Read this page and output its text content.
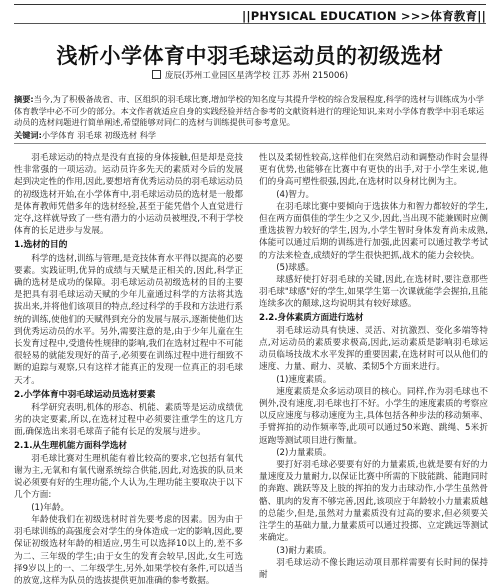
||PHYSICAL EDUCATION >>>体育教育||
浅析小学体育中羽毛球运动员的初级选材
庞辰(苏州工业园区星湾学校 江苏 苏州 215006)
摘要:当今,为了积极备战省、市、区组织的羽毛球比赛,增加学校的知名度与其提升学校的综合发展程度,科学的选材与训练成为小学体育教学中必不可少的部分。本文作者就适应自身的实践经验并结合参考的文献资料进行的理论知识,来对小学体育教学中羽毛球运动员的选材问题进行简单阐述,希望能够对同仁的选材与训练提供可参考意见。
关键词:小学体育 羽毛球 初级选材 科学

羽毛球运动的特点是没有直接的身体接触,但是却是竞技性非常强的一项运动。运动员许多先天的素质对今后的发展起到决定性的作用,因此,要想培育优秀运动员的羽毛球运动员的初级选材开始,在小学体育中,羽毛球运动员的选材是一般都是体育教师凭借多年的选材经验,甚至于能凭借个人直觉进行定夺,这样就导致了一些有潜力的小运动员被埋没,不利于学校体育的长足进步与发展。

1.选材的目的

科学的选材,训练与管理,是竞技体育水平得以提高的必要要素。实践证明,优异的成绩与天赋是正相关的,因此,科学正确的选材是成功的保障。羽毛球运动员初级选材的目的主要是把具有羽毛球运动天赋的少年儿童通过科学的方法将其选拔出来,并将他们该项目的特点,经过科学的手段和方法进行系统的训练,使他们的天赋得到充分的发展与展示,逐渐使他们达到优秀运动员的水平。另外,需要注意的是,由于少年儿童在生长发育过程中,受遗传性规律的影响,我们在选材过程中不可能很轻易的就能发现好的苗子,必须要在训练过程中进行细致不断的追踪与观察,只有这样才能真正的发现一位真正的羽毛球天才。

2.小学体育中羽毛球运动员选材要素

科学研究表明,机体的形态、机能、素质等是运动成绩优劣的决定要素,所以,在选材过程中必须要注重学生的这几方面,确保选出来羽毛球苗子能有长足的发展与进步。

2.1.从生理机能方面科学选材

羽毛球比赛对生理机能有着比较高的要求,它包括有氧代谢为主,无氧和有氧代谢系统综合供能,因此,对选拔的队员来说必须要有好的生理功能,个人认为,生理功能主要取决于以下几个方面:

(1)年龄。

年龄使我们在初级选材时首先要考虑的因素。因为由于羽毛球训练的高强度会对学生的身体造成一定的影响,因此,要保证初级选材年龄的相适应,男生可以选择10以上的,差不多为二、三年级的学生;由于女生的发育会较早,因此,女生可选择9岁以上的一、二年级学生,另外,如果学校有条件,可以适当的放宽,这样为队员的选拔提供更加准确的参考数据。

性以及柔韧性较高,这样他们在突然启动和调整动作时会显得更有优势,也能够在比赛中有更快的出手,对于小学生来说,他们的身高可塑性很强,因此,在选材时以身材比例为主。

(4)智力。

在羽毛球比赛中要倾向于选拔体力和智力都较好的学生,但在两方面俱佳的学生少之又少,因此,当出现不能兼顾时应侧重选拔智力较好的学生,因为,小学生智时身体发育尚未成熟,体能可以通过后期的训练进行加强,此因素可以通过教学考试的方法来检查,成绩好的学生很快把抓,战术的能力会较快。

(5)球感。

球感好使打好羽毛球的关键,因此,在选材时,要注意那些羽毛球"球感"好的学生,如果学生第一次课就能学会握拍,且能连续多次的颠球,这均说明其有较好球感。

2.2.身体素质方面进行选材

羽毛球运动具有快速、灵活、对抗激烈、变化多端等特点,对运动员的素质要求极高,因此,运动素质是影响羽毛球运动员临场技战术水平发挥的重要因素,在选材时可以从他们的速度、力量、耐力、灵敏、柔韧5个方面来进行。

(1)速度素质。

速度素质是众多运动项目的核心。同样,作为羽毛球也不例外,没有速度,羽毛球也打不好。小学生的速度素质的考察应以反应速度与移动速度为主,具体包括各种步法的移动频率、手臂挥拍的动作频率等,此项可以通过50米跑、跳绳、5米折返跑等测试项目进行衡量。

(2)力量素质。

要打好羽毛球必要要有好的力量素质,也就是要有好的力量速度及力量耐力,以保证比赛中所需的下肢能跳、能跑同时的奔跑、跳跃等及上肢的挥拍的发力击球动作,小学生虽然骨骼、肌肉的发育不够完善,因此,该项应于年龄较小力量素质越的总能少,但是,虽然对力量素质没有过高的要求,但必须要关注学生的基础力量,力量素质可以通过投掷、立定跳远等测试来确定。

(3)耐力素质。

羽毛球运动不像长跑运动项目那样需要有长时间的保持耐
